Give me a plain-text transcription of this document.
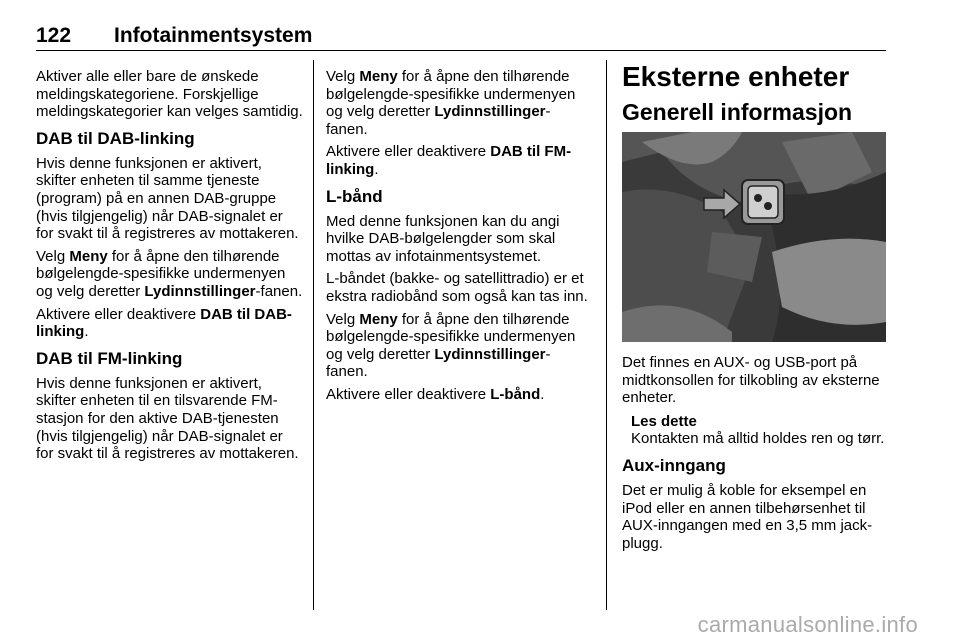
122 Infotainmentsystem

Aktiver alle eller bare de ønskede meldingskategoriene. Forskjellige meldingskategorier kan velges samtidig.

DAB til DAB-linking

Hvis denne funksjonen er aktivert, skifter enheten til samme tjeneste (program) på en annen DAB-gruppe (hvis tilgjengelig) når DAB-signalet er for svakt til å registreres av mottakeren.

Velg Meny for å åpne den tilhørende bølgelengde-spesifikke undermenyen og velg deretter Lydinnstillinger-fanen.

Aktivere eller deaktivere DAB til DAB-linking.

DAB til FM-linking

Hvis denne funksjonen er aktivert, skifter enheten til en tilsvarende FM-stasjon for den aktive DAB-tjenesten (hvis tilgjengelig) når DAB-signalet er for svakt til å registreres av mottakeren.

Velg Meny for å åpne den tilhørende bølgelengde-spesifikke undermenyen og velg deretter Lydinnstillinger-fanen.

Aktivere eller deaktivere DAB til FM-linking.

L-bånd

Med denne funksjonen kan du angi hvilke DAB-bølgelengder som skal mottas av infotainmentsystemet.

L-båndet (bakke- og satellittradio) er et ekstra radiobånd som også kan tas inn.

Velg Meny for å åpne den tilhørende bølgelengde-spesifikke undermenyen og velg deretter Lydinnstillinger-fanen.

Aktivere eller deaktivere L-bånd.

Eksterne enheter
Generell informasjon

Det finnes en AUX- og USB-port på midtkonsollen for tilkobling av eksterne enheter.

Les dette

Kontakten må alltid holdes ren og tørr.

Aux-inngang

Det er mulig å koble for eksempel en iPod eller en annen tilbehørsenhet til AUX-inngangen med en 3,5 mm jackplugg.

carmanualsonline.info
